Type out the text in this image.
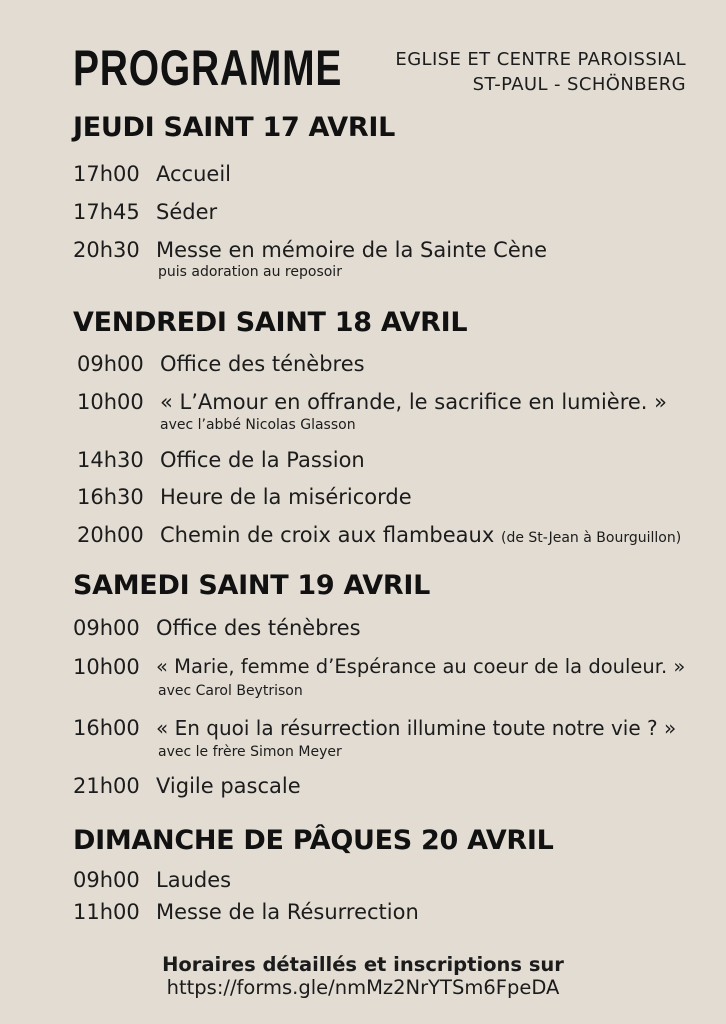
PROGRAMME	EGLISE ET CENTRE PAROISSIAL
ST-PAUL - SCHÖNBERG
JEUDI SAINT 17 AVRIL
17h00 Accueil
17h45 Séder
20h30 Messe en mémoire de la Sainte Cène
puis adoration au reposoir
VENDREDI SAINT 18 AVRIL
09h00 Office des ténèbres
10h00 « L’Amour en offrande, le sacrifice en lumière. »
avec l’abbé Nicolas Glasson
14h30 Office de la Passion
16h30 Heure de la miséricorde
20h00 Chemin de croix aux flambeaux (de St-Jean à Bourguillon)
SAMEDI SAINT 19 AVRIL
09h00 Office des ténèbres
10h00 « Marie, femme d’Espérance au coeur de la douleur. »
avec Carol Beytrison
16h00 « En quoi la résurrection illumine toute notre vie ? »
avec le frère Simon Meyer
21h00 Vigile pascale
DIMANCHE DE PÂQUES 20 AVRIL
09h00 Laudes
11h00 Messe de la Résurrection
Horaires détaillés et inscriptions sur
https://forms.gle/nmMz2NrYTSm6FpeDA
